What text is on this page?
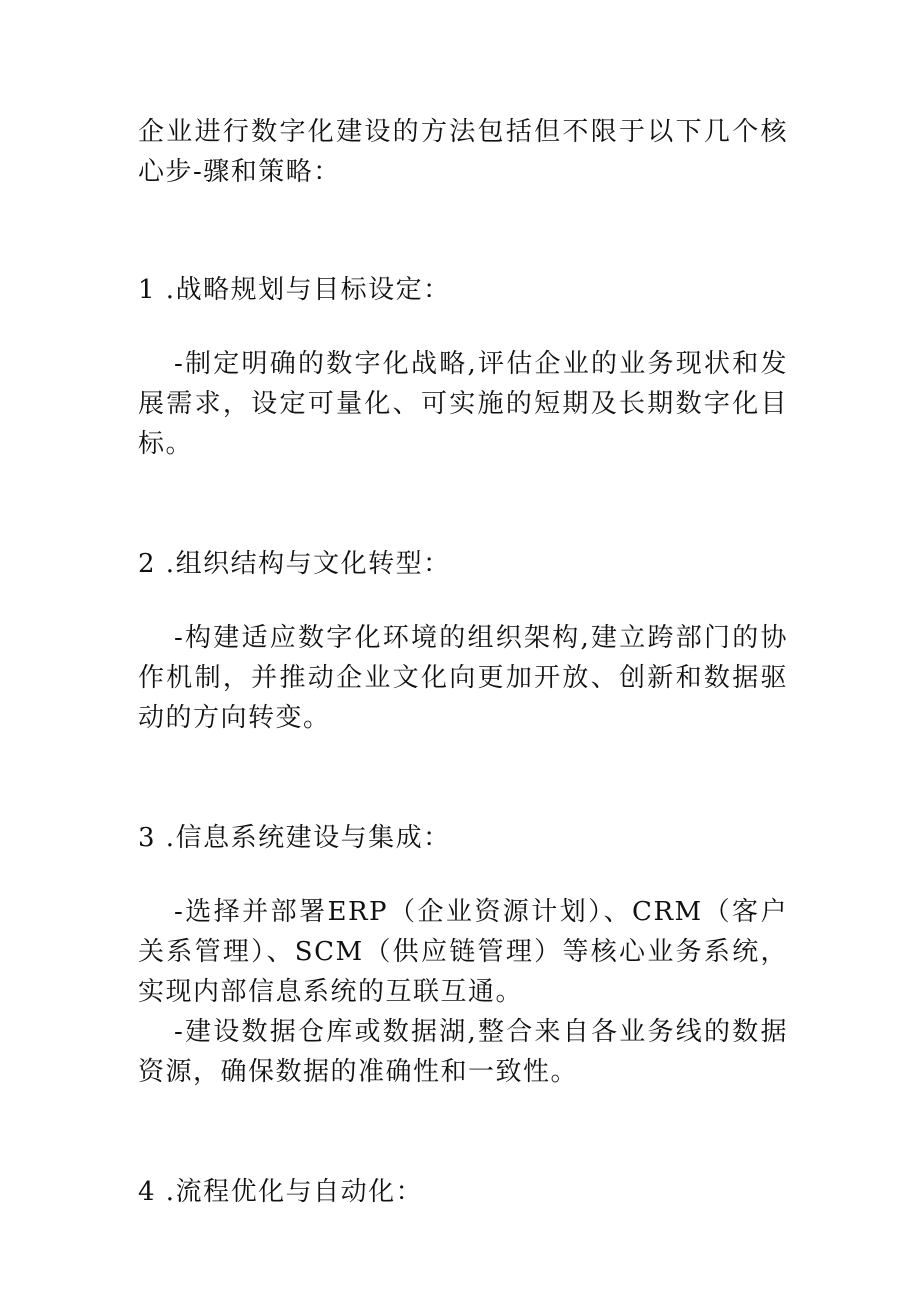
企业进行数字化建设的方法包括但不限于以下几个核心步-骤和策略：

1 .战略规划与目标设定：

-制定明确的数字化战略,评估企业的业务现状和发展需求，设定可量化、可实施的短期及长期数字化目标。

2 .组织结构与文化转型：

-构建适应数字化环境的组织架构,建立跨部门的协作机制，并推动企业文化向更加开放、创新和数据驱动的方向转变。

3 .信息系统建设与集成：

-选择并部署ERP（企业资源计划）、CRM（客户关系管理）、SCM（供应链管理）等核心业务系统，实现内部信息系统的互联互通。

-建设数据仓库或数据湖,整合来自各业务线的数据资源，确保数据的准确性和一致性。

4 .流程优化与自动化：
